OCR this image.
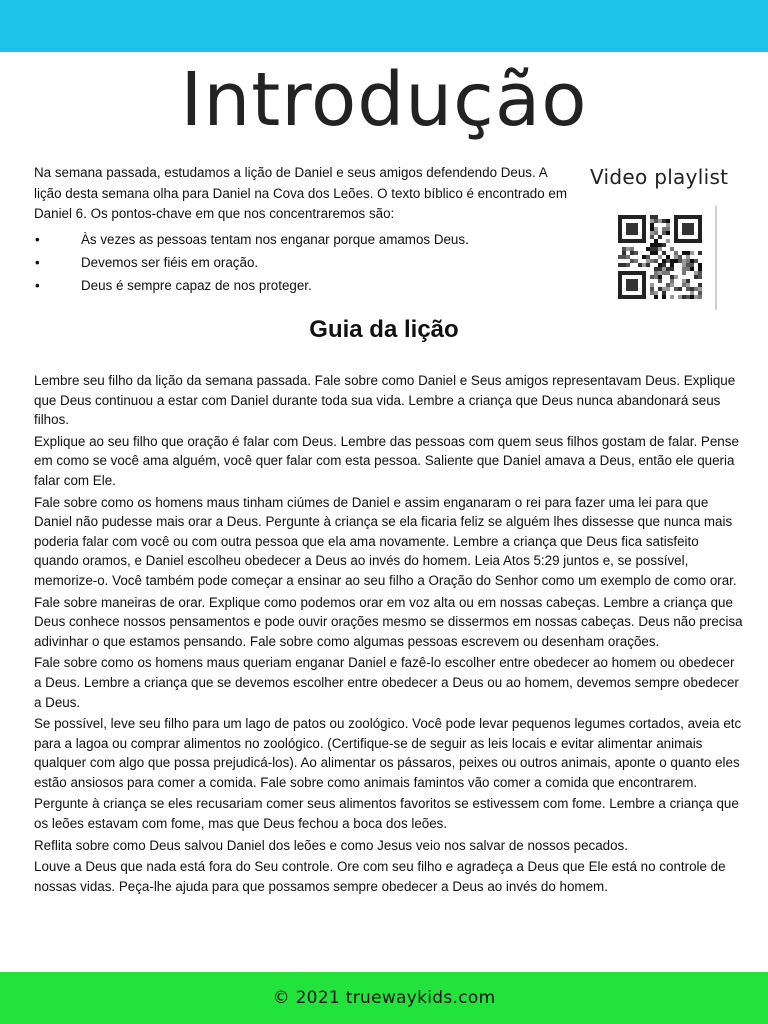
Introdução

Na semana passada, estudamos a lição de Daniel e seus amigos defendendo Deus. A lição desta semana olha para Daniel na Cova dos Leões. O texto bíblico é encontrado em Daniel 6. Os pontos-chave em que nos concentraremos são:

•	Às vezes as pessoas tentam nos enganar porque amamos Deus.
•	Devemos ser fiéis em oração.
•	Deus é sempre capaz de nos proteger.
Video playlist
Guia da lição

Lembre seu filho da lição da semana passada. Fale sobre como Daniel e Seus amigos representavam Deus. Explique que Deus continuou a estar com Daniel durante toda sua vida. Lembre a criança que Deus nunca abandonará seus filhos.

Explique ao seu filho que oração é falar com Deus. Lembre das pessoas com quem seus filhos gostam de falar. Pense em como se você ama alguém, você quer falar com esta pessoa. Saliente que Daniel amava a Deus, então ele queria falar com Ele.

Fale sobre como os homens maus tinham ciúmes de Daniel e assim enganaram o rei para fazer uma lei para que Daniel não pudesse mais orar a Deus. Pergunte à criança se ela ficaria feliz se alguém lhes dissesse que nunca mais poderia falar com você ou com outra pessoa que ela ama novamente. Lembre a criança que Deus fica satisfeito quando oramos, e Daniel escolheu obedecer a Deus ao invés do homem. Leia Atos 5:29 juntos e, se possível, memorize-o. Você também pode começar a ensinar ao seu filho a Oração do Senhor como um exemplo de como orar.

Fale sobre maneiras de orar. Explique como podemos orar em voz alta ou em nossas cabeças. Lembre a criança que Deus conhece nossos pensamentos e pode ouvir orações mesmo se dissermos em nossas cabeças. Deus não precisa adivinhar o que estamos pensando. Fale sobre como algumas pessoas escrevem ou desenham orações.

Fale sobre como os homens maus queriam enganar Daniel e fazê-lo escolher entre obedecer ao homem ou obedecer a Deus. Lembre a criança que se devemos escolher entre obedecer a Deus ou ao homem, devemos sempre obedecer a Deus.

Se possível, leve seu filho para um lago de patos ou zoológico. Você pode levar pequenos legumes cortados, aveia etc para a lagoa ou comprar alimentos no zoológico. (Certifique-se de seguir as leis locais e evitar alimentar animais qualquer com algo que possa prejudicá-los). Ao alimentar os pássaros, peixes ou outros animais, aponte o quanto eles estão ansiosos para comer a comida. Fale sobre como animais famintos vão comer a comida que encontrarem.

Pergunte à criança se eles recusariam comer seus alimentos favoritos se estivessem com fome. Lembre a criança que os leões estavam com fome, mas que Deus fechou a boca dos leões.

Reflita sobre como Deus salvou Daniel dos leões e como Jesus veio nos salvar de nossos pecados.

Louve a Deus que nada está fora do Seu controle. Ore com seu filho e agradeça a Deus que Ele está no controle de nossas vidas. Peça-lhe ajuda para que possamos sempre obedecer a Deus ao invés do homem.

© 2021 truewaykids.com
